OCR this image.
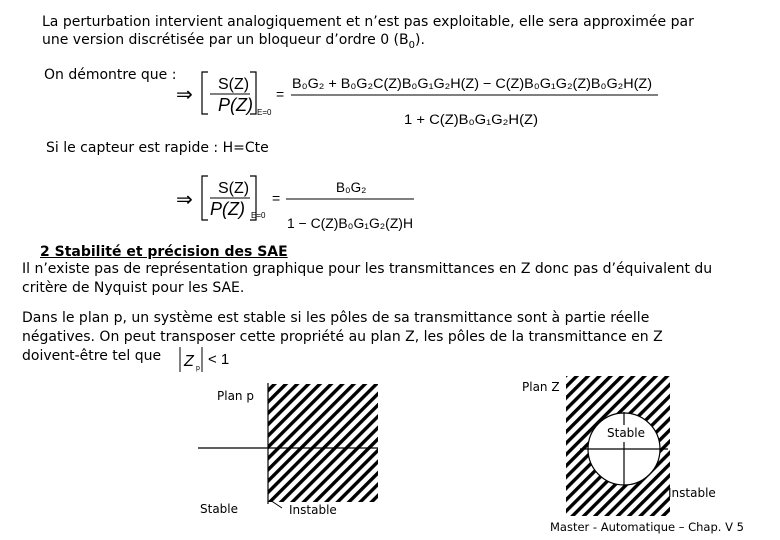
La perturbation intervient analogiquement et n’est pas exploitable, elle sera approximée par
une version discrétisée par un bloqueur d’ordre 0 $(B_0)$.
On démontre que :
⇒ S(Z)
P(Z) E=0
=
B₀G₂ + B₀G₂C(Z)B₀G₁G₂H(Z) − C(Z)B₀G₁G₂(Z)B₀G₂H(Z)
1 + C(Z)B₀G₁G₂H(Z)
Si le capteur est rapide : H=Cte
⇒ S(Z)
P(Z) E=0
=
B₀G₂
1 − C(Z)B₀G₁G₂(Z)H
2 Stabilité et précision des SAE
Il n’existe pas de représentation graphique pour les transmittances en Z donc pas d’équivalent du
critère de Nyquist pour les SAE.
Dans le plan p, un système est stable si les pôles de sa transmittance sont à partie réelle
négatives. On peut transposer cette propriété au plan Z, les pôles de la transmittance en Z
doivent-être tel que Z p
< 1
Plan p
Stable	Instable
Plan Z
Stable
Instable
Master - Automatique – Chap. V 5
